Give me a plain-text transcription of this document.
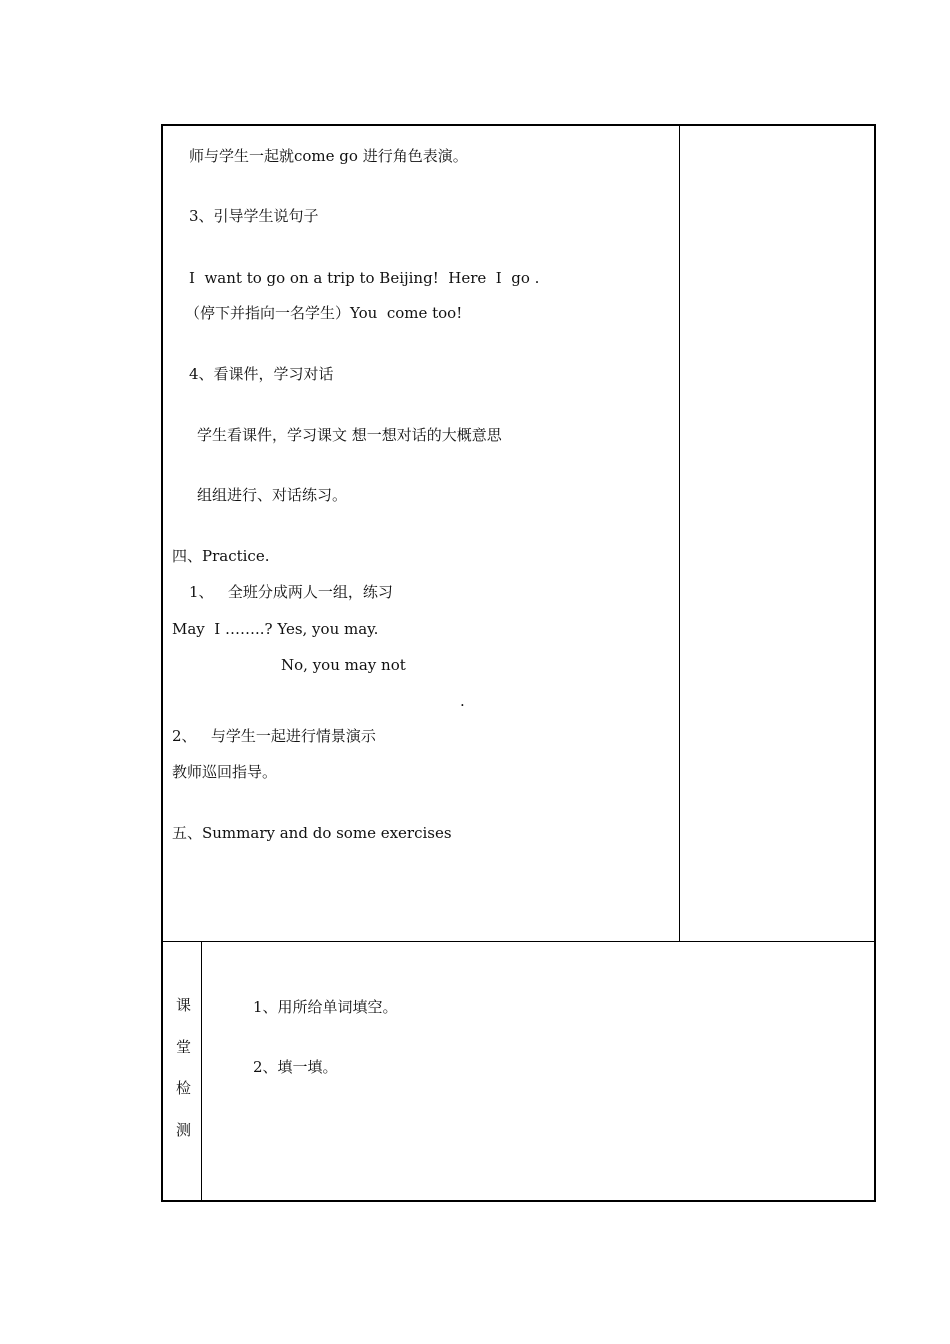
师与学生一起就come go 进行角色表演。
3、引导学生说句子
I  want to go on a trip to Beijing!  Here  I  go .
（停下并指向一名学生）You  come too!
4、看课件，学习对话
学生看课件，学习课文 想一想对话的大概意思
组组进行、对话练习。
四、Practice.
1、   全班分成两人一组，练习
May  I ……..? Yes, you may.
No, you may not
.
2、   与学生一起进行情景演示
教师巡回指导。
五、Summary and do some exercises
课
堂
检
测
1、用所给单词填空。
2、填一填。
